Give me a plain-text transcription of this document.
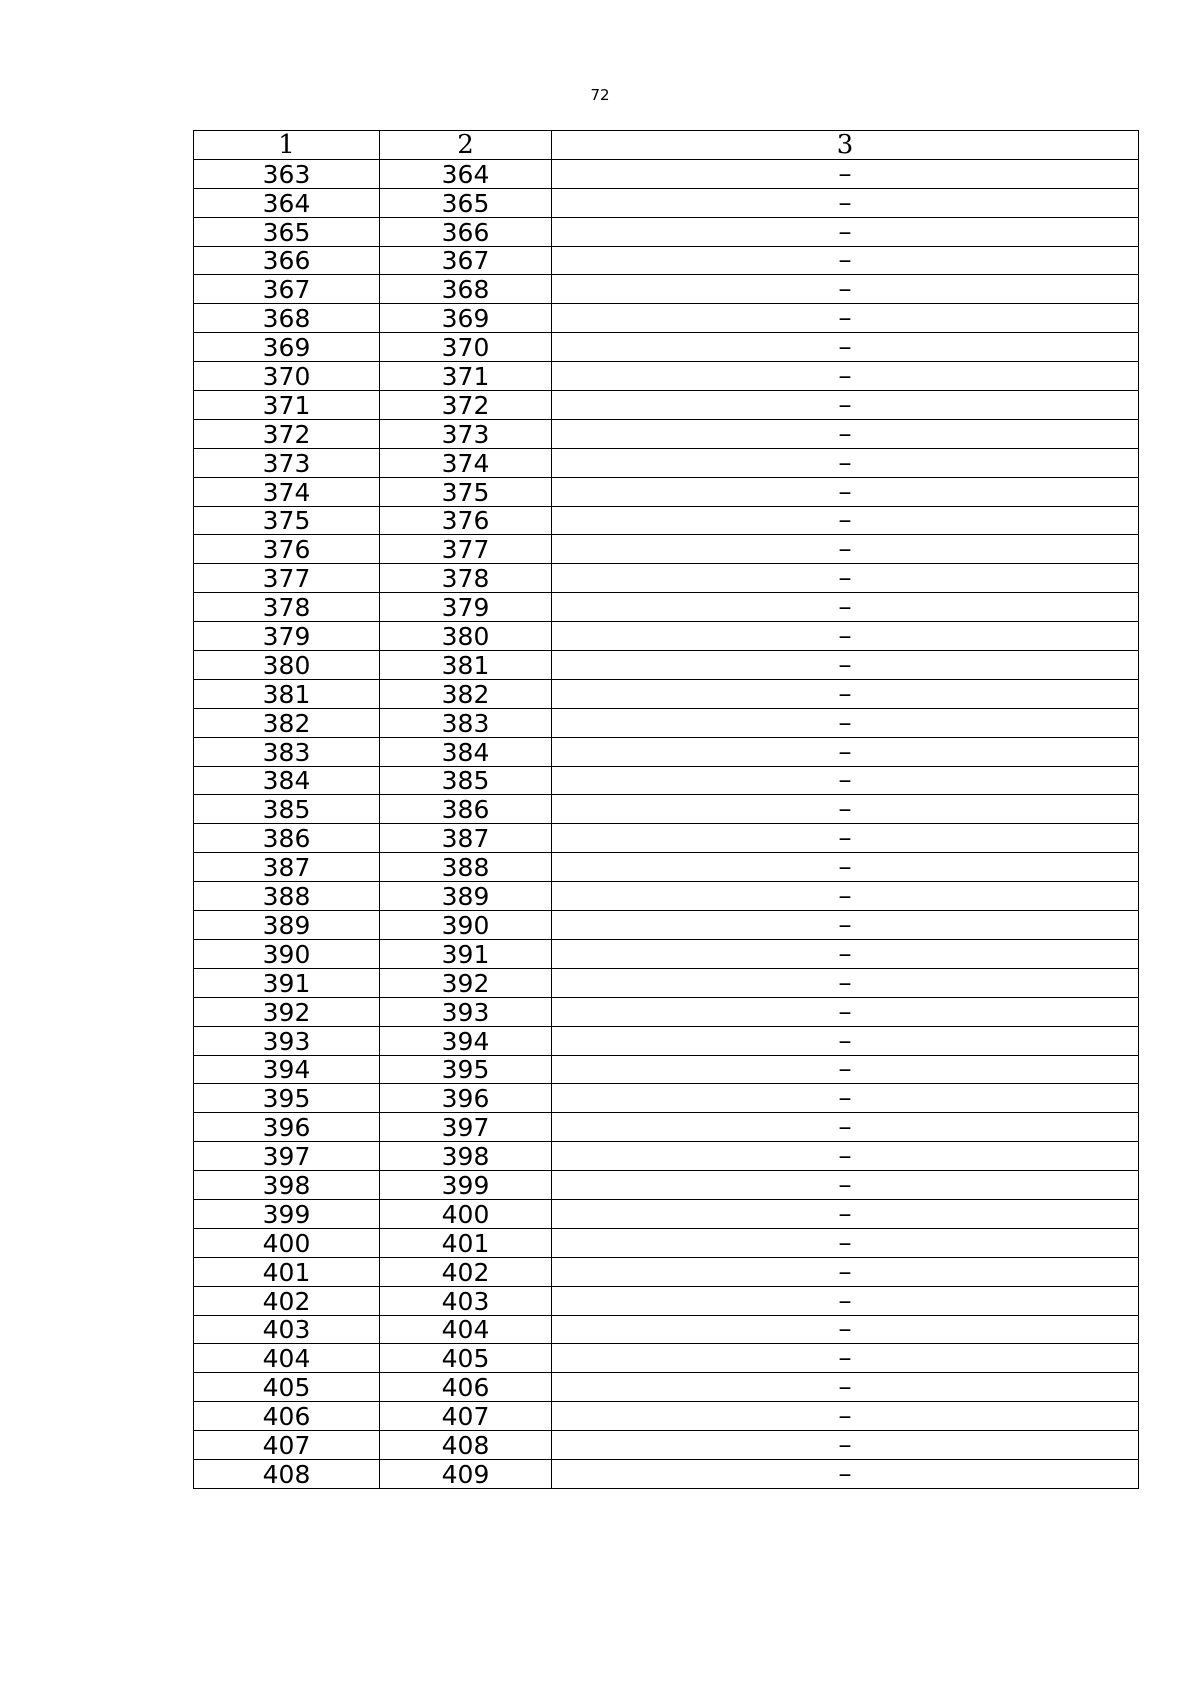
72
1	2	3
363	364	–
364	365	–
365	366	–
366	367	–
367	368	–
368	369	–
369	370	–
370	371	–
371	372	–
372	373	–
373	374	–
374	375	–
375	376	–
376	377	–
377	378	–
378	379	–
379	380	–
380	381	–
381	382	–
382	383	–
383	384	–
384	385	–
385	386	–
386	387	–
387	388	–
388	389	–
389	390	–
390	391	–
391	392	–
392	393	–
393	394	–
394	395	–
395	396	–
396	397	–
397	398	–
398	399	–
399	400	–
400	401	–
401	402	–
402	403	–
403	404	–
404	405	–
405	406	–
406	407	–
407	408	–
408	409	–
